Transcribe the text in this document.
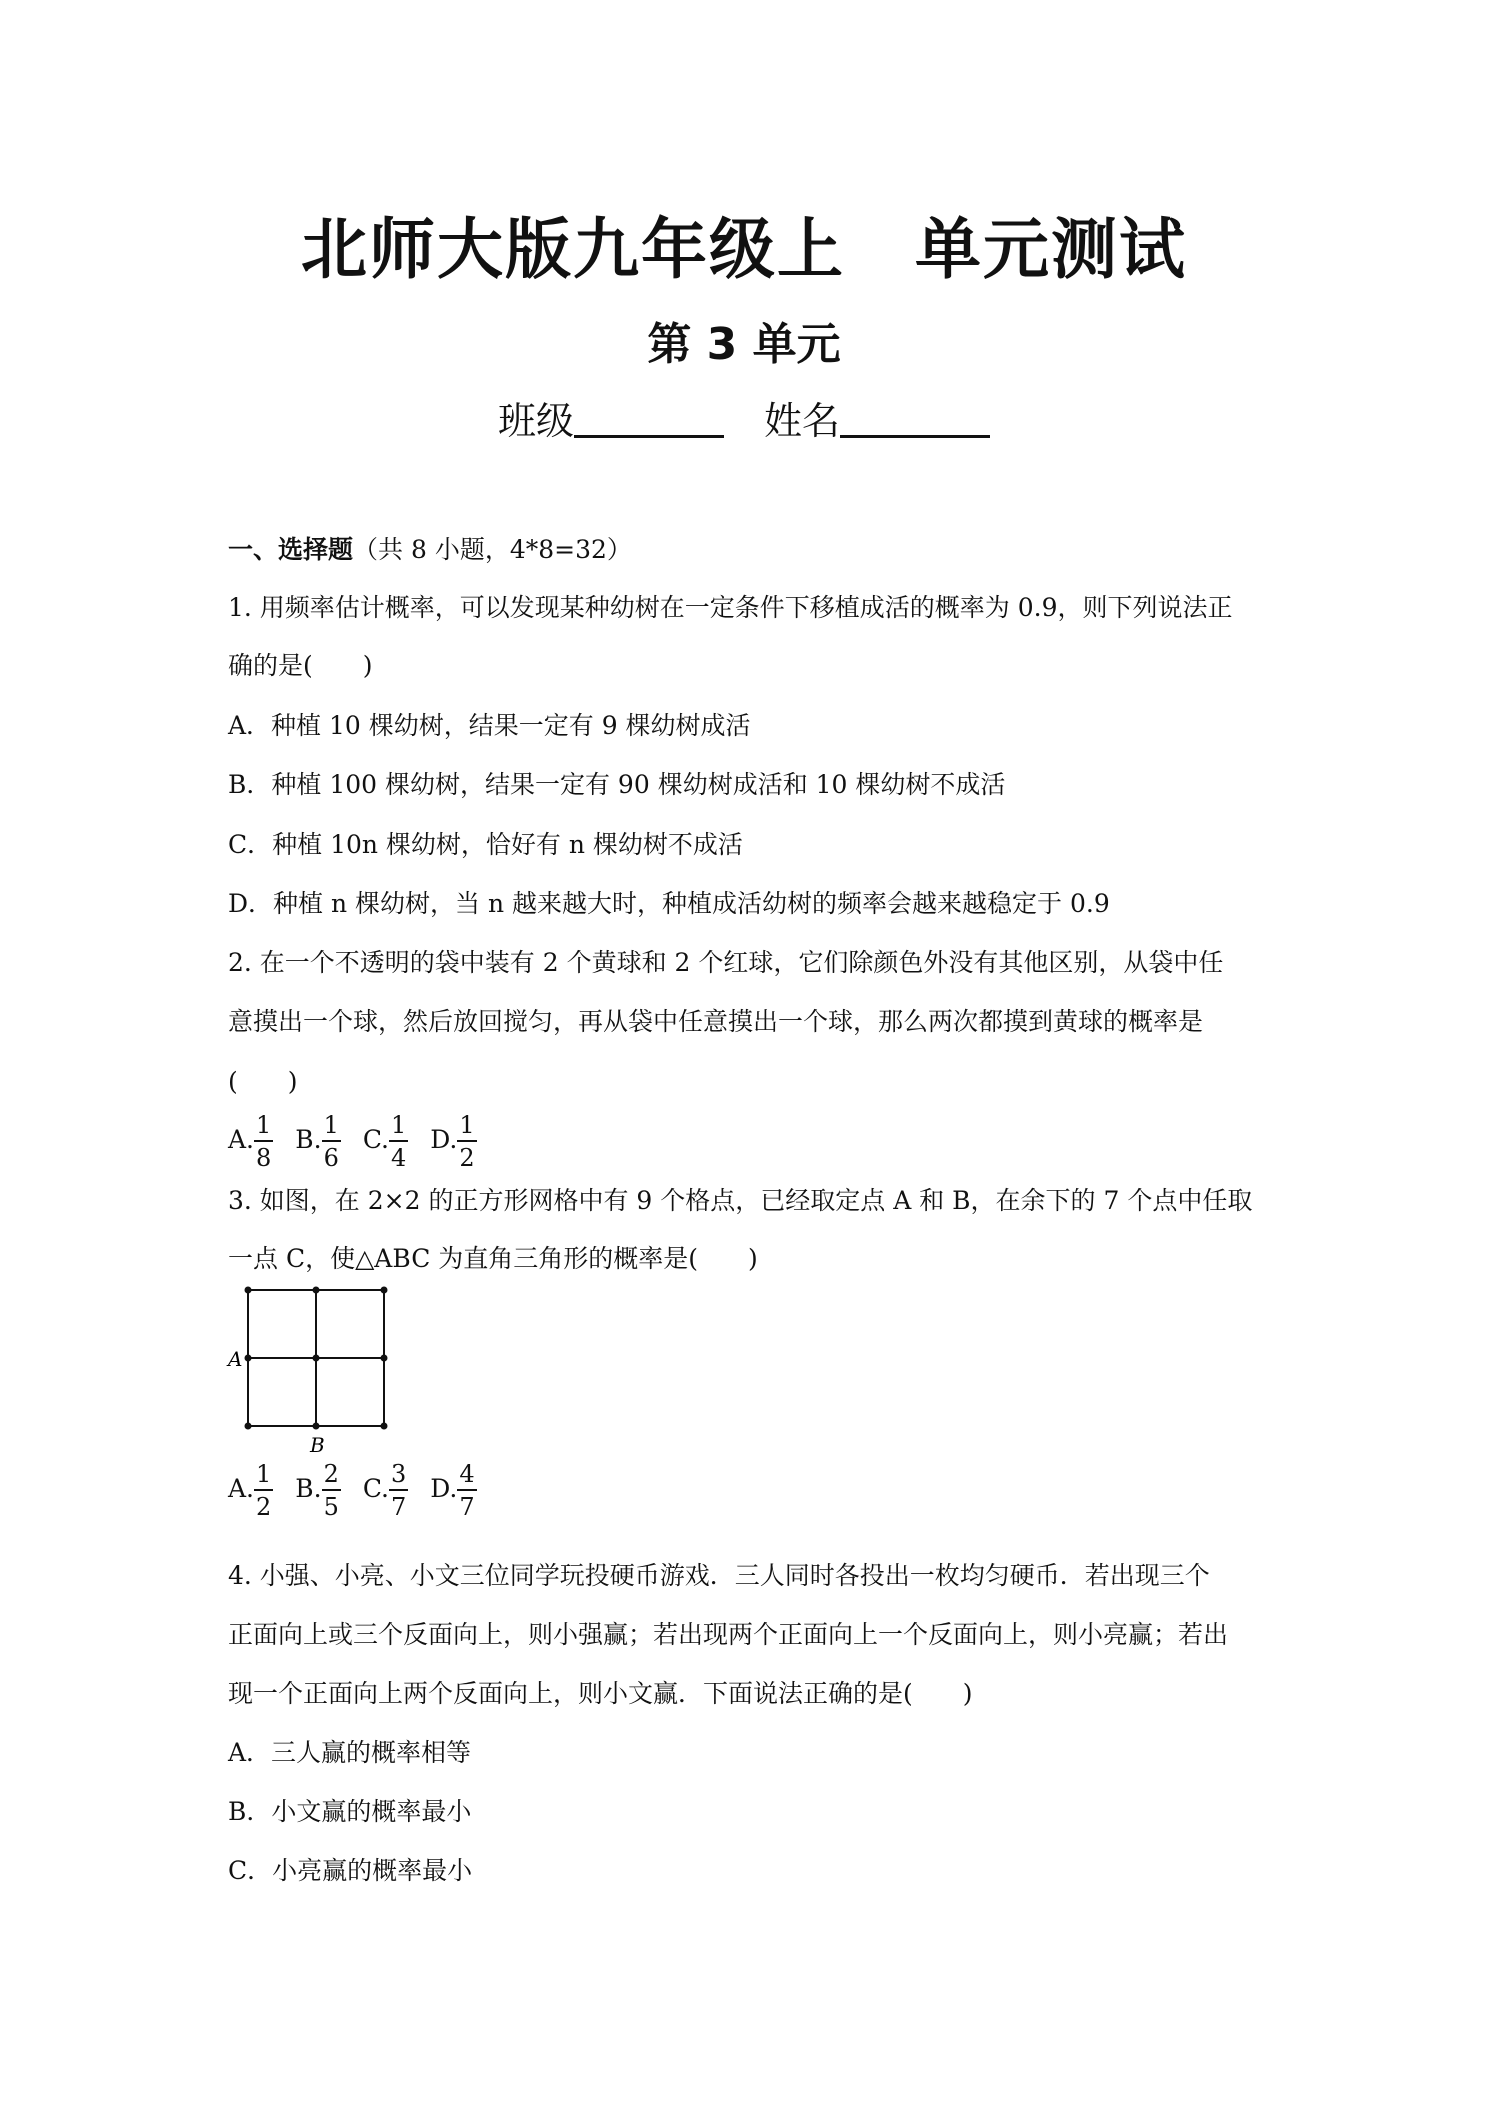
北师大版九年级上 单元测试
第 3 单元
班级	姓名
一、选择题（共 8 小题，4*8=32）
1. 用频率估计概率，可以发现某种幼树在一定条件下移植成活的概率为 0.9，则下列说法正
确的是(　　)
A．种植 10 棵幼树，结果一定有 9 棵幼树成活
B．种植 100 棵幼树，结果一定有 90 棵幼树成活和 10 棵幼树不成活
C．种植 10n 棵幼树，恰好有 n 棵幼树不成活
D．种植 n 棵幼树，当 n 越来越大时，种植成活幼树的频率会越来越稳定于 0.9
2. 在一个不透明的袋中装有 2 个黄球和 2 个红球，它们除颜色外没有其他区别，从袋中任
意摸出一个球，然后放回搅匀，再从袋中任意摸出一个球，那么两次都摸到黄球的概率是
(　　)
A. $\frac{1}{8} B$. $\frac{1}{6} C$. $\frac{1}{4} D$. $\frac{1}{2}$
3. 如图，在 2×2 的正方形网格中有 9 个格点，已经取定点 A 和 B，在余下的 7 个点中任取
一点 C，使△ABC 为直角三角形的概率是(　　)
A
B
A. $\frac{1}{2} B$. $\frac{2}{5} C$. $\frac{3}{7} D$. $\frac{4}{7}$
4. 小强、小亮、小文三位同学玩投硬币游戏．三人同时各投出一枚均匀硬币．若出现三个
正面向上或三个反面向上，则小强赢；若出现两个正面向上一个反面向上，则小亮赢；若出
现一个正面向上两个反面向上，则小文赢．下面说法正确的是(　　)
A．三人赢的概率相等
B．小文赢的概率最小
C．小亮赢的概率最小
